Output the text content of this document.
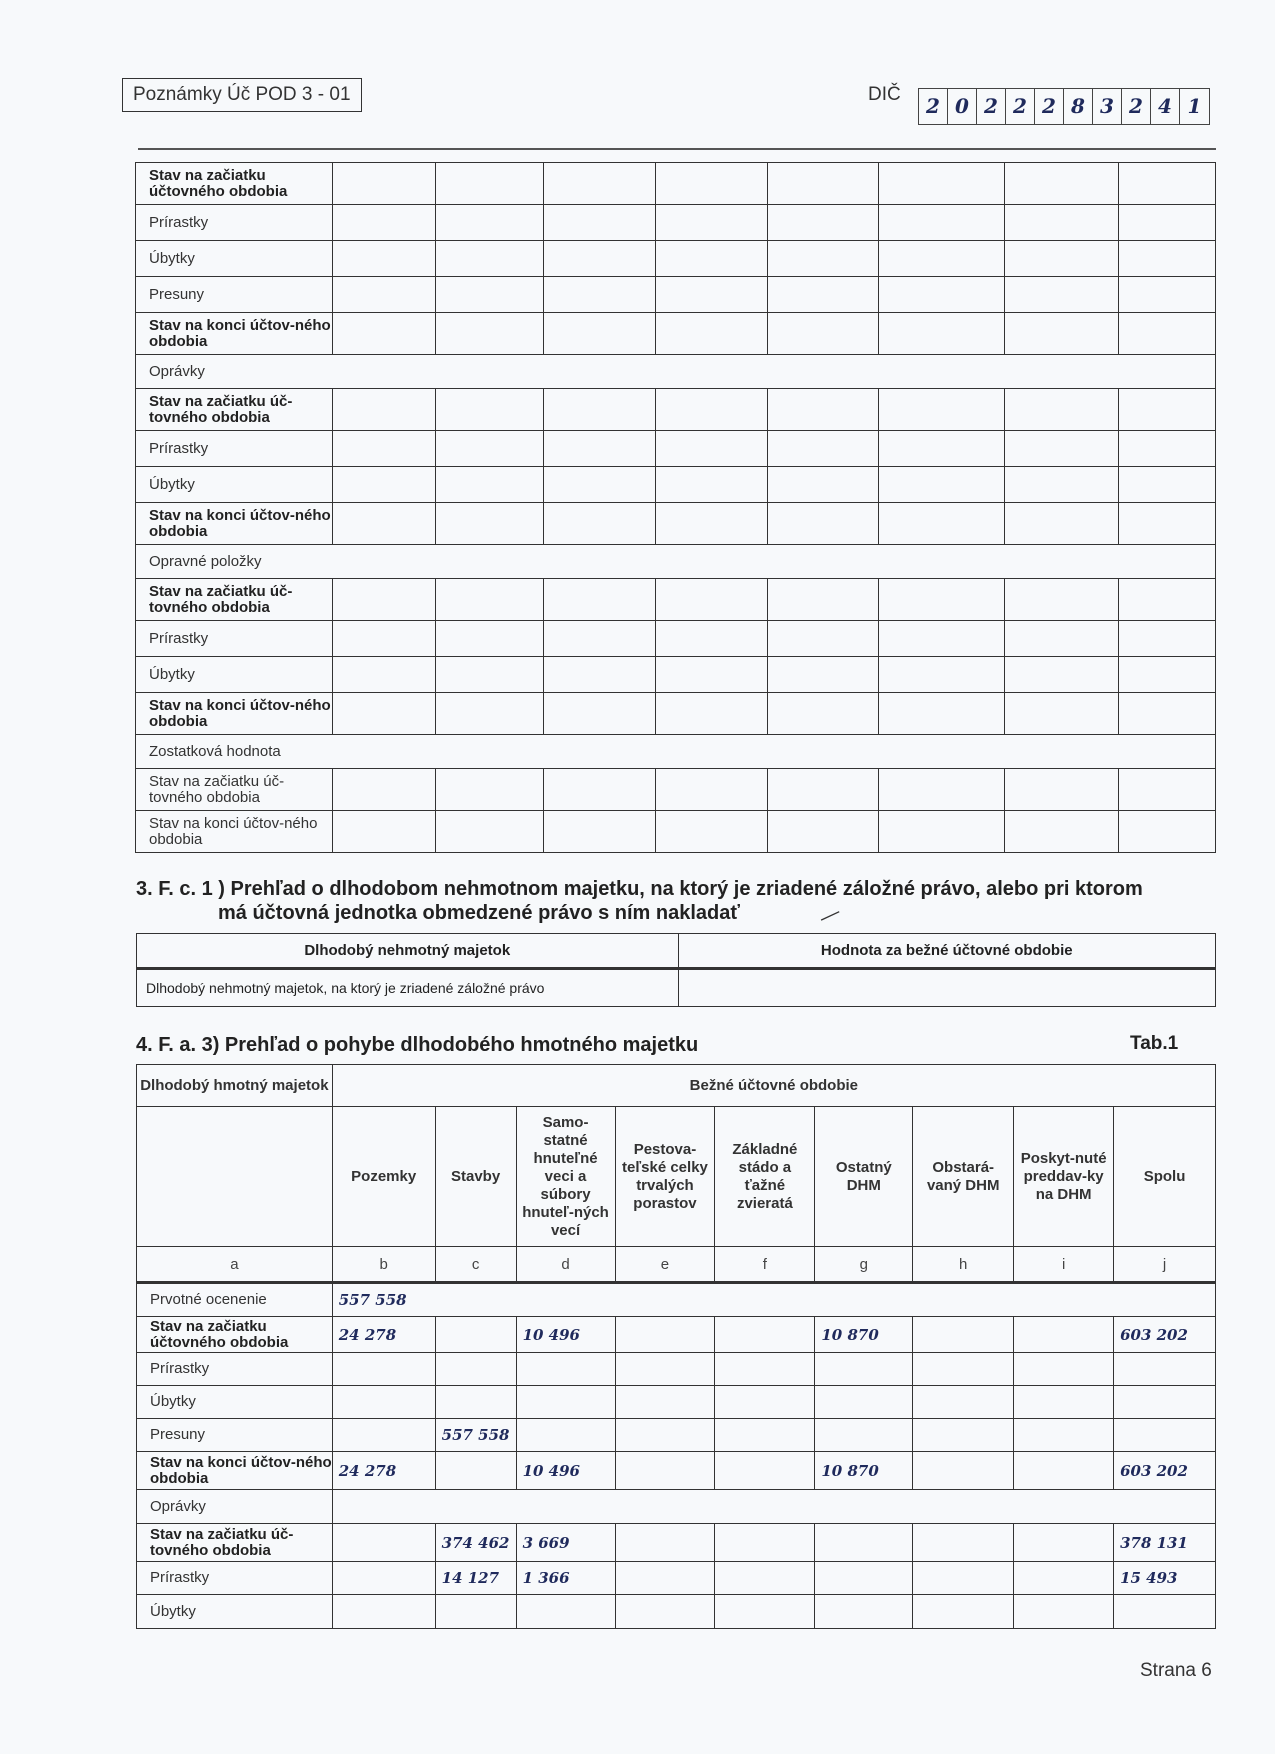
Poznámky Úč POD 3 - 01	DIČ	2 0 2 2 2 8 3 2 4 1
Stav na začiatku účtovného obdobia								
Prírastky								
Úbytky								
Presuny								
Stav na konci účtov-ného obdobia								
Oprávky								
Stav na začiatku úč-tovného obdobia								
Prírastky								
Úbytky								
Stav na konci účtov-ného obdobia								
Opravné položky								
Stav na začiatku úč-tovného obdobia								
Prírastky								
Úbytky								
Stav na konci účtov-ného obdobia								
Zostatková hodnota								
Stav na začiatku úč-tovného obdobia								
Stav na konci účtov-ného obdobia								
3. F. c. 1 ) Prehľad o dlhodobom nehmotnom majetku, na ktorý je zriadené záložné právo, alebo pri ktorom
má účtovná jednotka obmedzené právo s ním nakladať	—
Dlhodobý nehmotný majetok	Hodnota za bežné účtovné obdobie
Dlhodobý nehmotný majetok, na ktorý je zriadené záložné právo	
4. F. a. 3) Prehľad o pohybe dlhodobého hmotného majetku	Tab.1
Dlhodobý hmotný majetok	Bežné účtovné obdobie								
	Pozemky	Stavby	Samo-statné hnuteľné veci a súbory hnuteľ-ných vecí	Pestova-teľské celky trvalých porastov	Základné stádo a ťažné zvieratá	Ostatný DHM	Obstará-vaný DHM	Poskyt-nuté preddav-ky na DHM	Spolu
a	b	c	d	e	f	g	h	i	j
Prvotné ocenenie	557 558								
Stav na začiatku účtovného obdobia	24 278		10 496			10 870			603 202
Prírastky									
Úbytky									
Presuny		557 558							
Stav na konci účtov-ného obdobia	24 278		10 496			10 870			603 202
Oprávky									
Stav na začiatku úč-tovného obdobia		374 462	3 669						378 131
Prírastky		14 127	1 366						15 493
Úbytky									
Strana 6
